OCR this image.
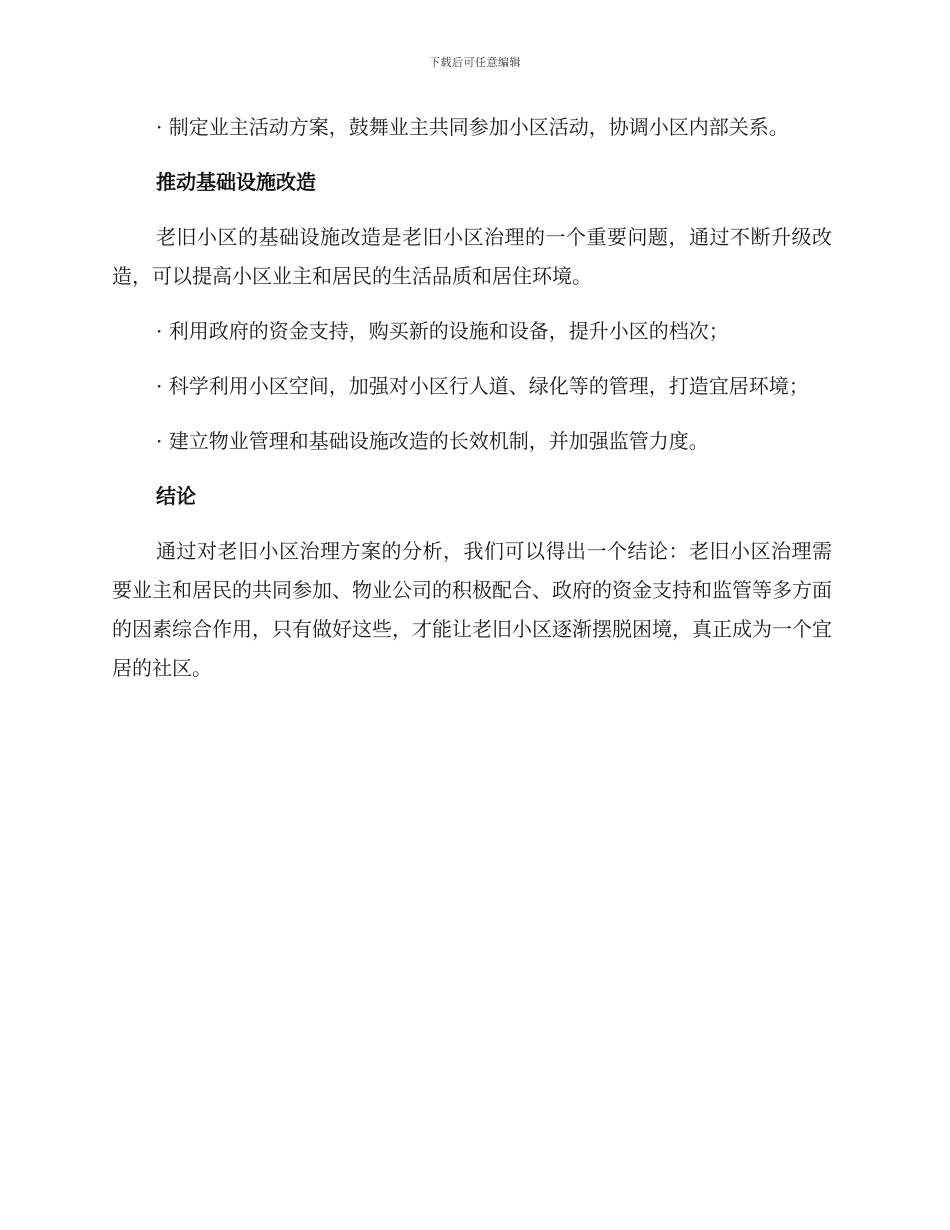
下载后可任意编辑

· 制定业主活动方案，鼓舞业主共同参加小区活动，协调小区内部关系。

推动基础设施改造

老旧小区的基础设施改造是老旧小区治理的一个重要问题，通过不断升级改造，可以提高小区业主和居民的生活品质和居住环境。

· 利用政府的资金支持，购买新的设施和设备，提升小区的档次；

· 科学利用小区空间，加强对小区行人道、绿化等的管理，打造宜居环境；

· 建立物业管理和基础设施改造的长效机制，并加强监管力度。

结论

通过对老旧小区治理方案的分析，我们可以得出一个结论：老旧小区治理需要业主和居民的共同参加、物业公司的积极配合、政府的资金支持和监管等多方面的因素综合作用，只有做好这些，才能让老旧小区逐渐摆脱困境，真正成为一个宜居的社区。
